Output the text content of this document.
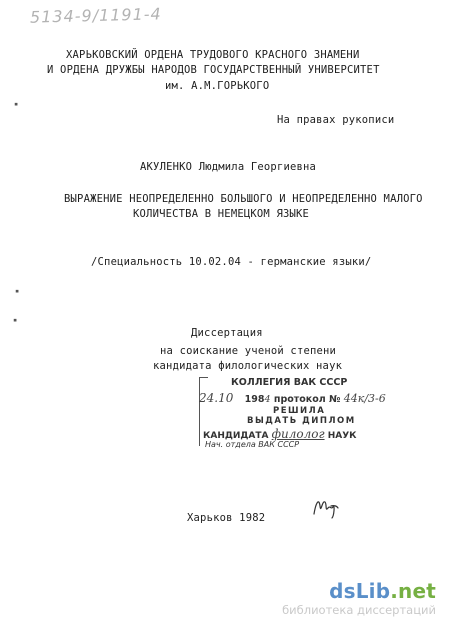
5134-9/1191-4
ХАРЬКОВСКИЙ ОРДЕНА ТРУДОВОГО КРАСНОГО ЗНАМЕНИ
И ОРДЕНА ДРУЖБЫ НАРОДОВ ГОСУДАРСТВЕННЫЙ УНИВЕРСИТЕТ
им. А.М.ГОРЬКОГО
На правах рукописи
АКУЛЕНКО Людмила Георгиевна
ВЫРАЖЕНИЕ НЕОПРЕДЕЛЕННО БОЛЬШОГО И НЕОПРЕДЕЛЕННО МАЛОГО
КОЛИЧЕСТВА В НЕМЕЦКОМ ЯЗЫКЕ
/Специальность 10.02.04 - германские языки/
Диссертация
на соискание ученой степени
кандидата филологических наук
▪
▪
▪
КОЛЛЕГИЯ ВАК СССР
24.10 1984 протокол № 44к/3-6
РЕШИЛА
ВЫДАТЬ ДИПЛОМ
КАНДИДАТА филолог НАУК
Нач. отдела ВАК СССР
Харьков 1982
dsLib.net
библиотека диссертаций
